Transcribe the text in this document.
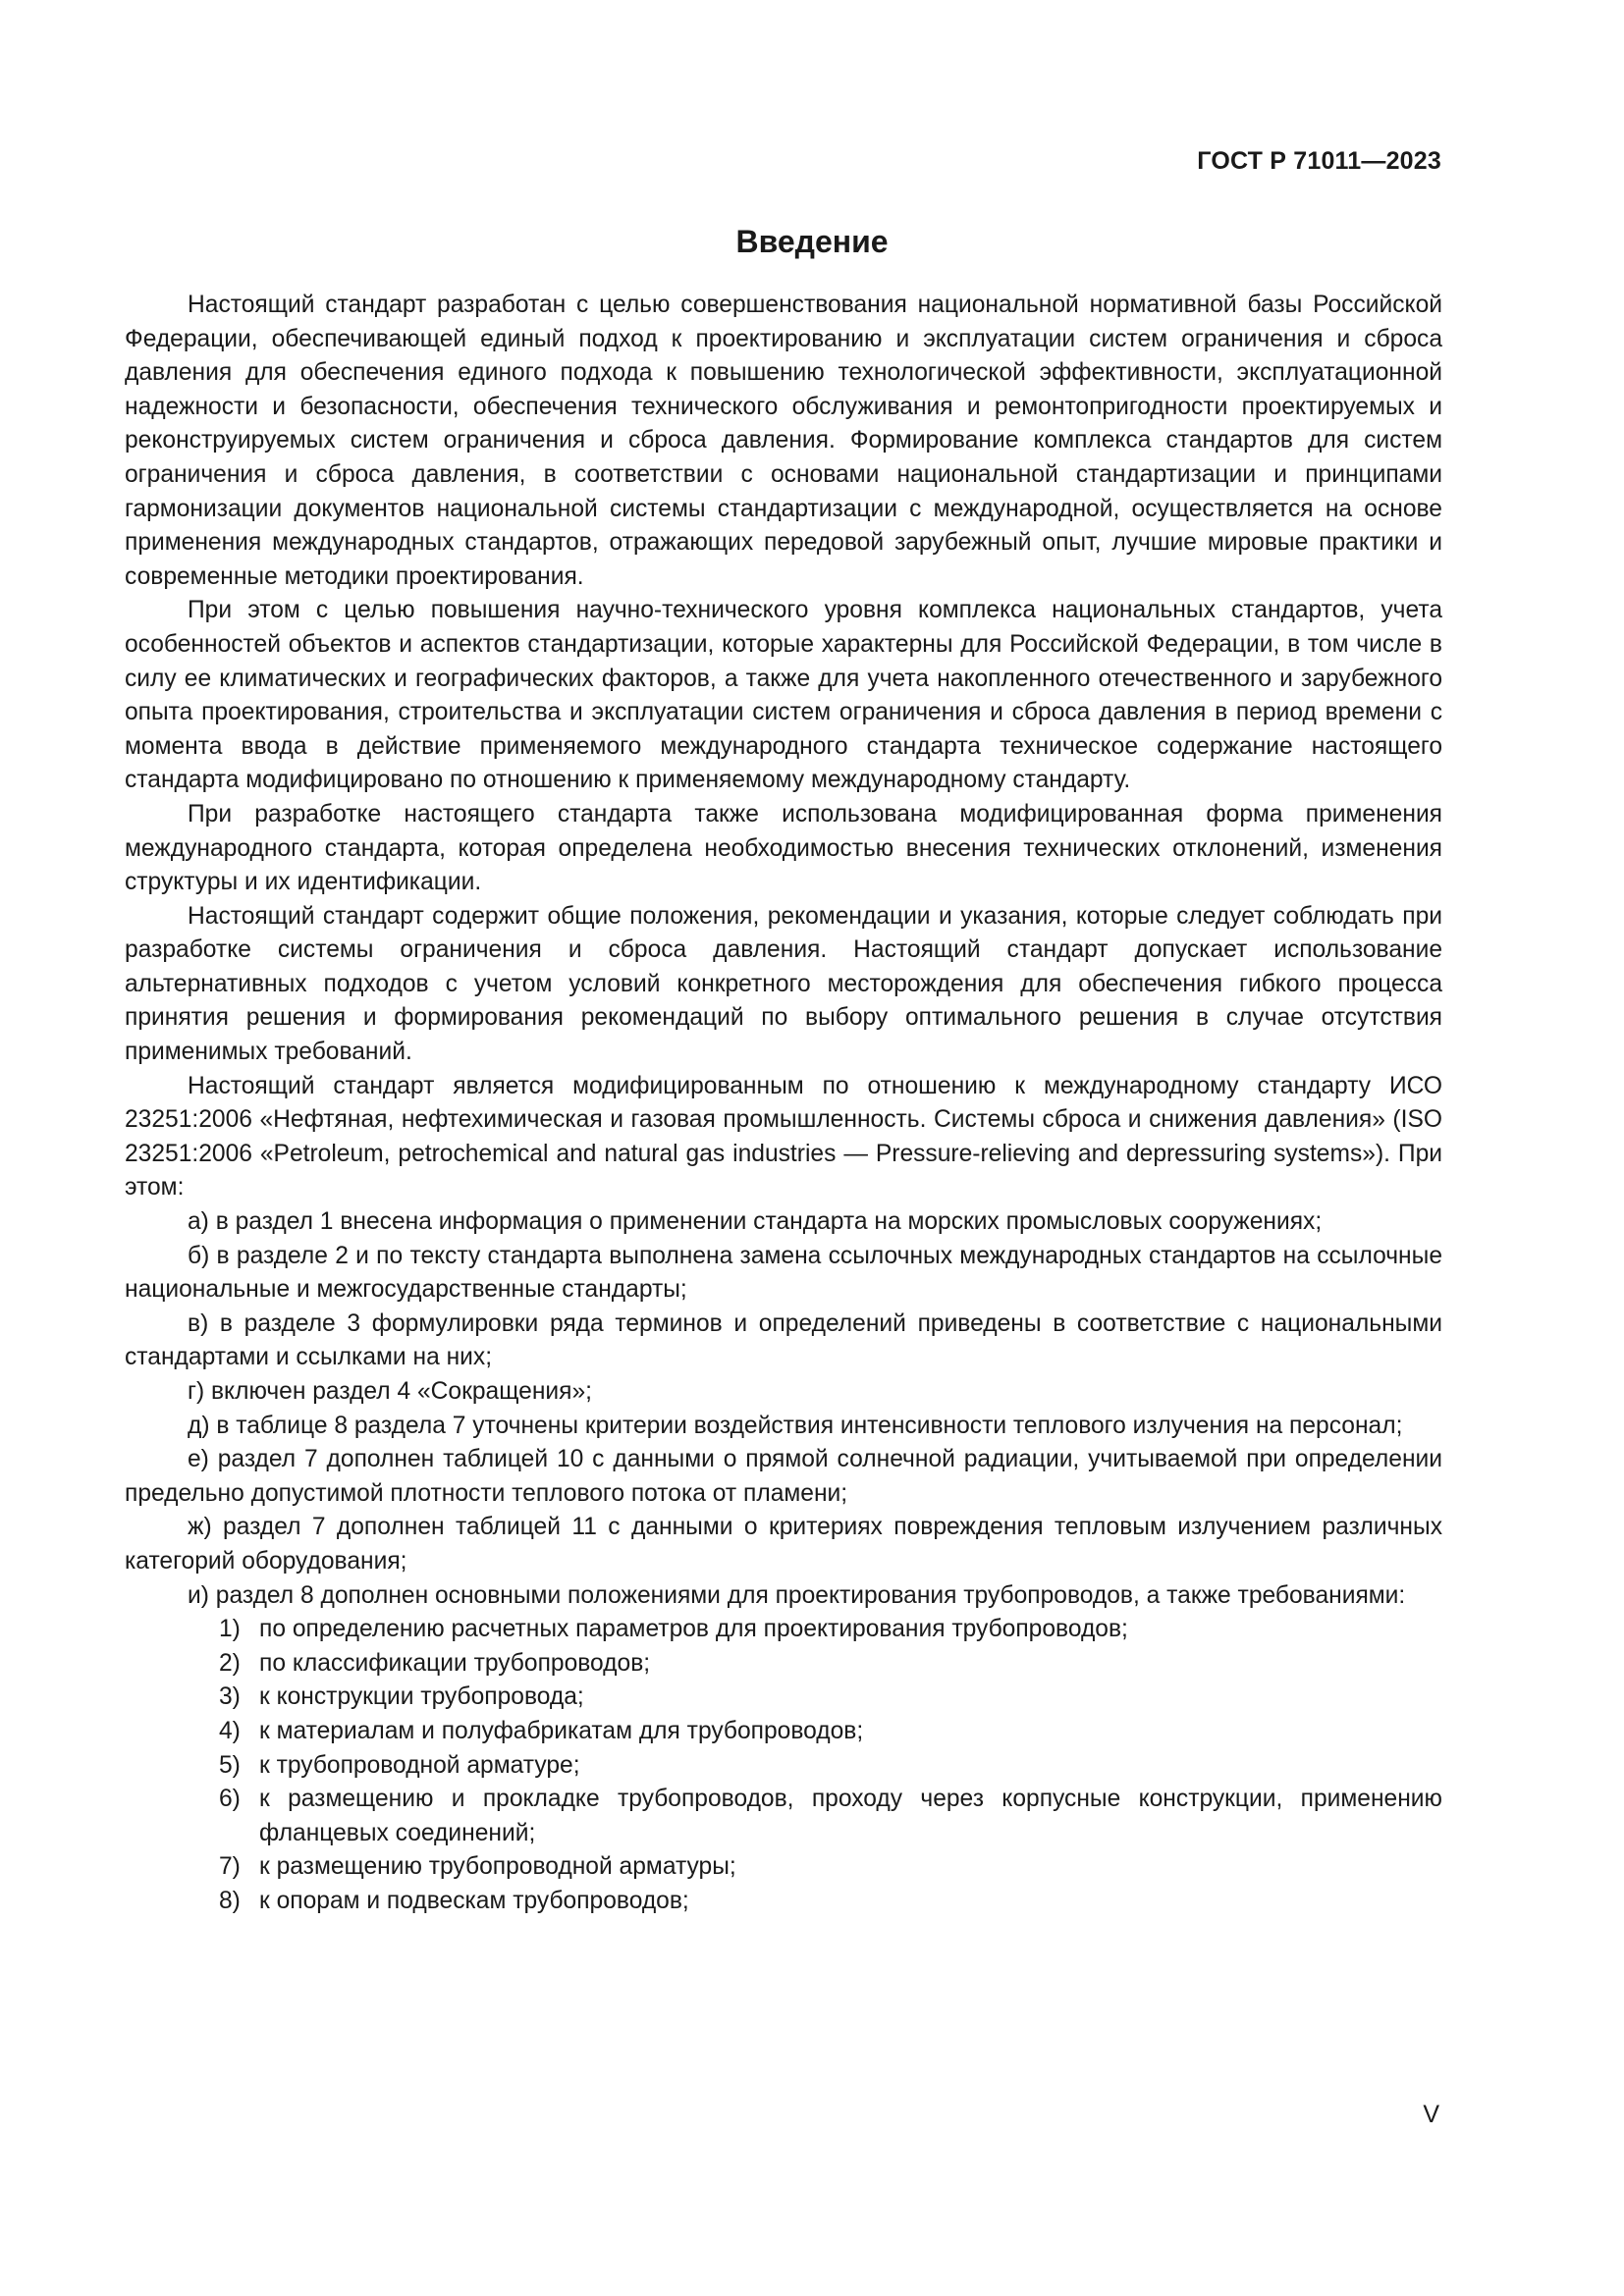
ГОСТ Р 71011—2023
Введение

Настоящий стандарт разработан с целью совершенствования национальной нормативной базы Российской Федерации, обеспечивающей единый подход к проектированию и эксплуатации систем ограничения и сброса давления для обеспечения единого подхода к повышению технологической эффективности, эксплуатационной надежности и безопасности, обеспечения технического обслуживания и ремонтопригодности проектируемых и реконструируемых систем ограничения и сброса давления. Формирование комплекса стандартов для систем ограничения и сброса давления, в соответствии с основами национальной стандартизации и принципами гармонизации документов национальной системы стандартизации с международной, осуществляется на основе применения международных стандартов, отражающих передовой зарубежный опыт, лучшие мировые практики и современные методики проектирования.

При этом с целью повышения научно-технического уровня комплекса национальных стандартов, учета особенностей объектов и аспектов стандартизации, которые характерны для Российской Федерации, в том числе в силу ее климатических и географических факторов, а также для учета накопленного отечественного и зарубежного опыта проектирования, строительства и эксплуатации систем ограничения и сброса давления в период времени с момента ввода в действие применяемого международного стандарта техническое содержание настоящего стандарта модифицировано по отношению к применяемому международному стандарту.

При разработке настоящего стандарта также использована модифицированная форма применения международного стандарта, которая определена необходимостью внесения технических отклонений, изменения структуры и их идентификации.

Настоящий стандарт содержит общие положения, рекомендации и указания, которые следует соблюдать при разработке системы ограничения и сброса давления. Настоящий стандарт допускает использование альтернативных подходов с учетом условий конкретного месторождения для обеспечения гибкого процесса принятия решения и формирования рекомендаций по выбору оптимального решения в случае отсутствия применимых требований.

Настоящий стандарт является модифицированным по отношению к международному стандарту ИСО 23251:2006 «Нефтяная, нефтехимическая и газовая промышленность. Системы сброса и снижения давления» (ISO 23251:2006 «Petroleum, petrochemical and natural gas industries — Pressure-relieving and depressuring systems»). При этом:

а) в раздел 1 внесена информация о применении стандарта на морских промысловых сооружениях;

б) в разделе 2 и по тексту стандарта выполнена замена ссылочных международных стандартов на ссылочные национальные и межгосударственные стандарты;

в) в разделе 3 формулировки ряда терминов и определений приведены в соответствие с национальными стандартами и ссылками на них;

г) включен раздел 4 «Сокращения»;

д) в таблице 8 раздела 7 уточнены критерии воздействия интенсивности теплового излучения на персонал;

е) раздел 7 дополнен таблицей 10 с данными о прямой солнечной радиации, учитываемой при определении предельно допустимой плотности теплового потока от пламени;

ж) раздел 7 дополнен таблицей 11 с данными о критериях повреждения тепловым излучением различных категорий оборудования;

и) раздел 8 дополнен основными положениями для проектирования трубопроводов, а также требованиями:

1) по определению расчетных параметров для проектирования трубопроводов;
2) по классификации трубопроводов;
3) к конструкции трубопровода;
4) к материалам и полуфабрикатам для трубопроводов;
5) к трубопроводной арматуре;
6) к размещению и прокладке трубопроводов, проходу через корпусные конструкции, применению фланцевых соединений;
7) к размещению трубопроводной арматуры;
8) к опорам и подвескам трубопроводов;
V
